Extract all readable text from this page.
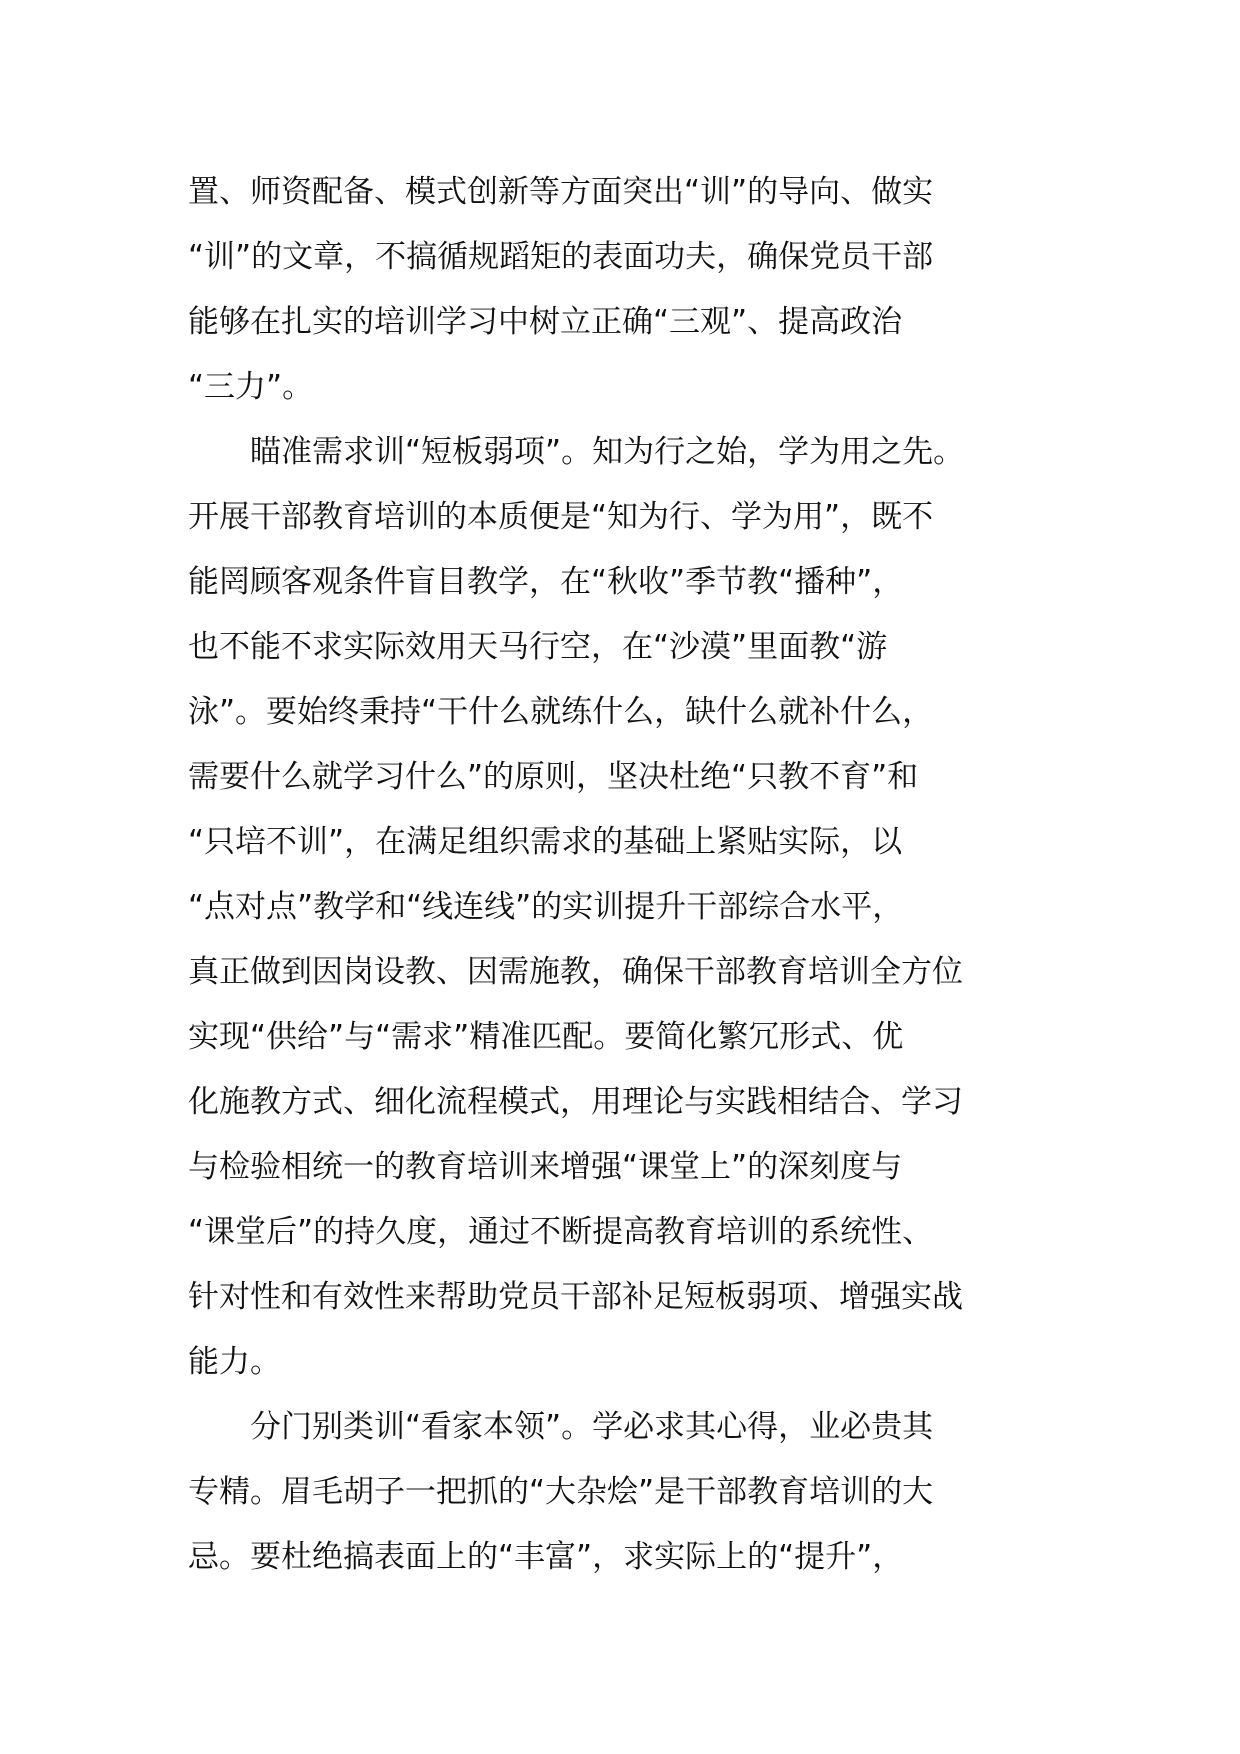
置、师资配备、模式创新等方面突出“训”的导向、做实
“训”的文章，不搞循规蹈矩的表面功夫，确保党员干部
能够在扎实的培训学习中树立正确“三观”、提高政治
“三力”。
瞄准需求训“短板弱项”。知为行之始，学为用之先。
开展干部教育培训的本质便是“知为行、学为用”，既不
能罔顾客观条件盲目教学，在“秋收”季节教“播种”，
也不能不求实际效用天马行空，在“沙漠”里面教“游
泳”。要始终秉持“干什么就练什么，缺什么就补什么，
需要什么就学习什么”的原则，坚决杜绝“只教不育”和
“只培不训”，在满足组织需求的基础上紧贴实际，以
“点对点”教学和“线连线”的实训提升干部综合水平，
真正做到因岗设教、因需施教，确保干部教育培训全方位
实现“供给”与“需求”精准匹配。要简化繁冗形式、优
化施教方式、细化流程模式，用理论与实践相结合、学习
与检验相统一的教育培训来增强“课堂上”的深刻度与
“课堂后”的持久度，通过不断提高教育培训的系统性、
针对性和有效性来帮助党员干部补足短板弱项、增强实战
能力。
分门别类训“看家本领”。学必求其心得，业必贵其
专精。眉毛胡子一把抓的“大杂烩”是干部教育培训的大
忌。要杜绝搞表面上的“丰富”，求实际上的“提升”，
